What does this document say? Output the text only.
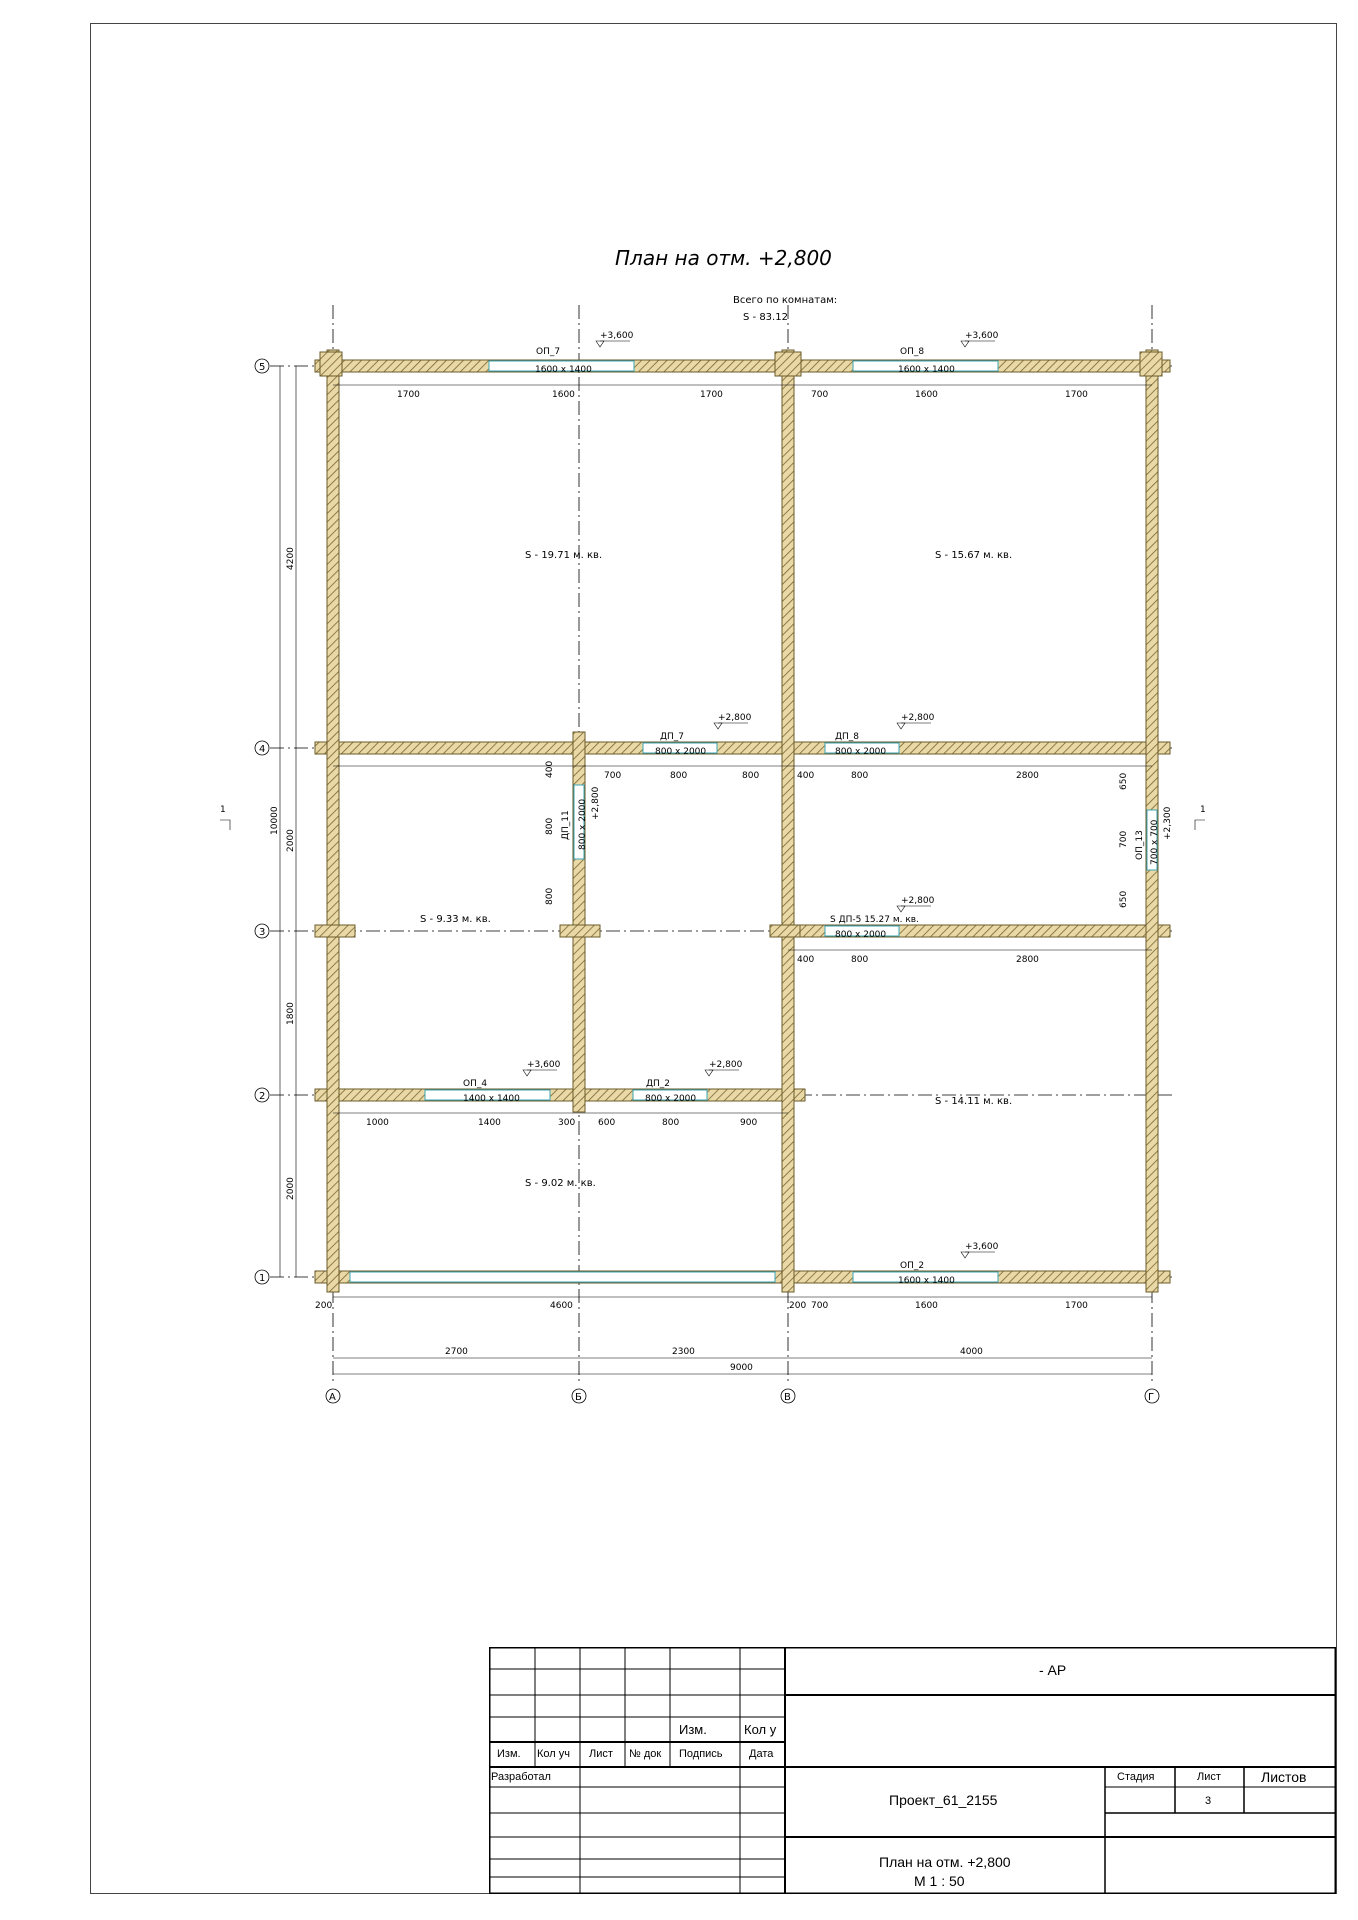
План на отм. +2,800
Всего по комнатам:
S - 83.12
ОП_7
1600 х 1400
+3,600
ОП_8
1600 х 1400
+3,600
ДП_7
800 х 2000
+2,800
ДП_8
800 х 2000
+2,800
ДП_11 800 х 2000 +2,800
ОП_13 700 х 700 +2,300
S ДП-5 15.27 м. кв.
800 х 2000
+2,800
ОП_4
1400 х 1400
+3,600
ДП_2
800 х 2000
+2,800
ОП_2
1600 х 1400
+3,600
S - 19.71 м. кв.	S - 15.67 м. кв.
S - 9.33 м. кв.
S - 14.11 м. кв.
S - 9.02 м. кв.
1700	1600	1700	700	1600	1700
400	700	800	800	400	800	2800
400	800	2800
1000	1400	300	600	800	900
200	4600	200 700	1600	1700
2700	2300	4000
9000
4200
2000
1800
2000
10000	800
800
650
700
650
А	Б	В	Г
1
2
3
4
5
1	1
- АР
Изм.	Кол у
Изм. Кол уч Лист № док Подпись Дата
Разработал
Проект_61_2155
Стадия	Лист	Листов
3
План на отм. +2,800
М 1 : 50
